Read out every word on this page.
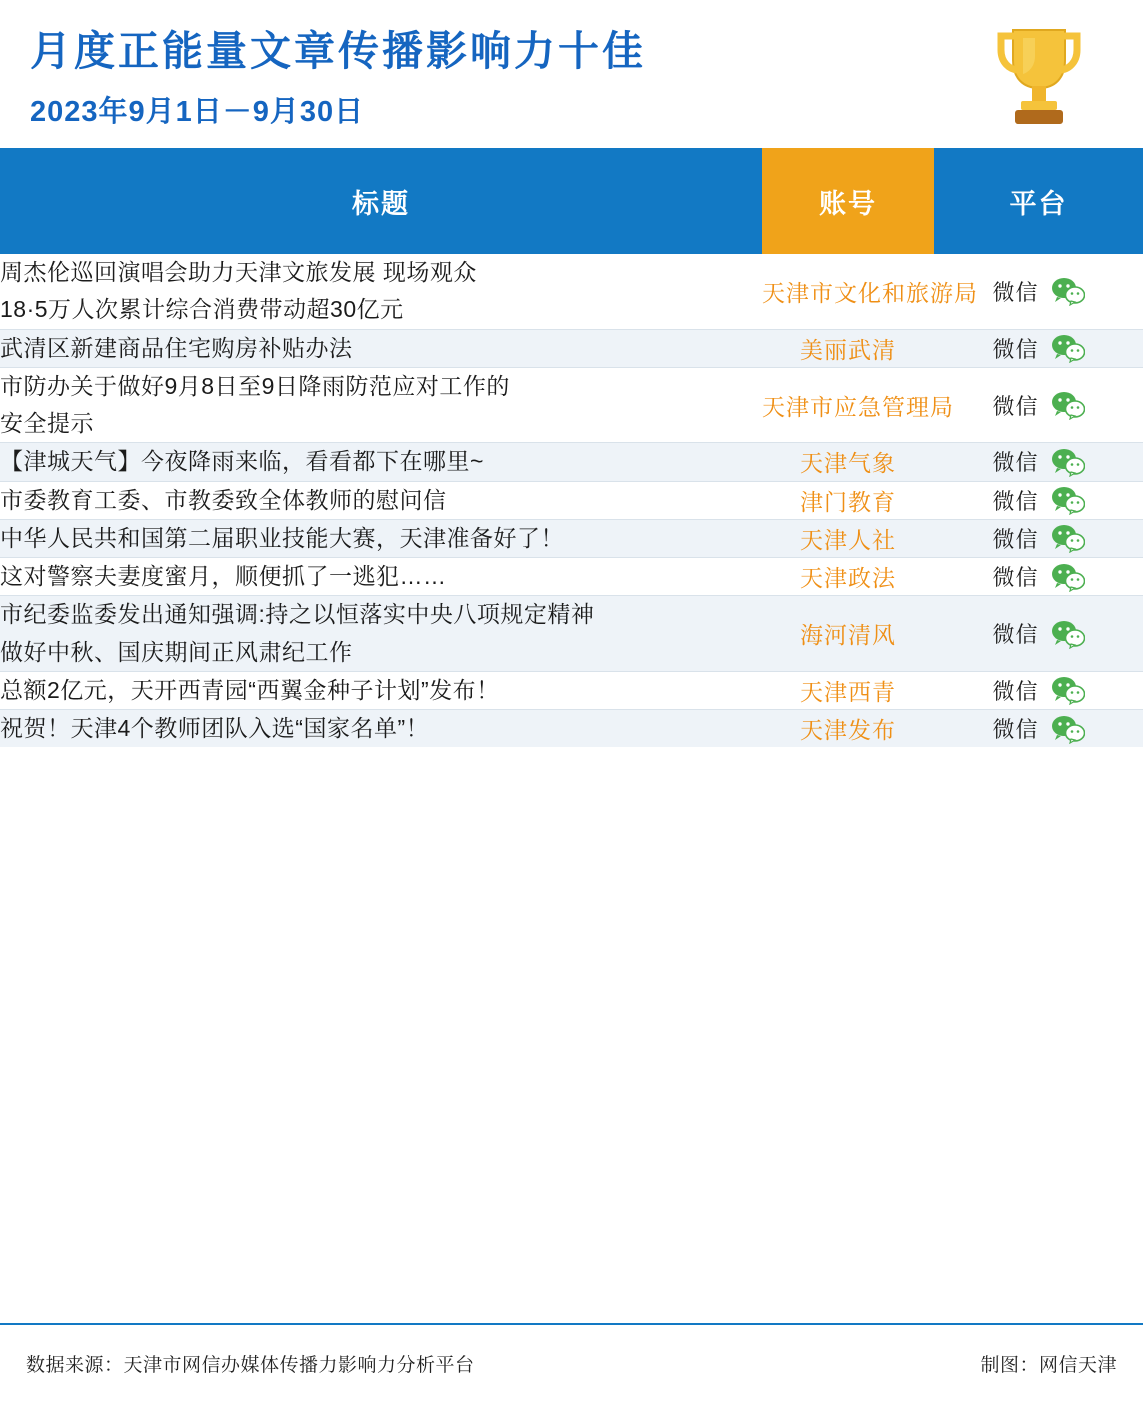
月度正能量文章传播影响力十佳
2023年9月1日－9月30日
标题	账号	平台
周杰伦巡回演唱会助力天津文旅发展 现场观众
18·5万人次累计综合消费带动超30亿元	天津市文化和旅游局	微信

武清区新建商品住宅购房补贴办法	美丽武清	微信

市防办关于做好9月8日至9日降雨防范应对工作的
安全提示	天津市应急管理局	微信

【津城天气】今夜降雨来临，看看都下在哪里~	天津气象	微信

市委教育工委、市教委致全体教师的慰问信	津门教育	微信

中华人民共和国第二届职业技能大赛，天津准备好了！	天津人社	微信

这对警察夫妻度蜜月，顺便抓了一逃犯……	天津政法	微信

市纪委监委发出通知强调:持之以恒落实中央八项规定精神
做好中秋、国庆期间正风肃纪工作	海河清风	微信

总额2亿元，天开西青园“西翼金种子计划”发布！	天津西青	微信

祝贺！天津4个教师团队入选“国家名单”！	天津发布	微信
数据来源：天津市网信办媒体传播力影响力分析平台	制图：网信天津
